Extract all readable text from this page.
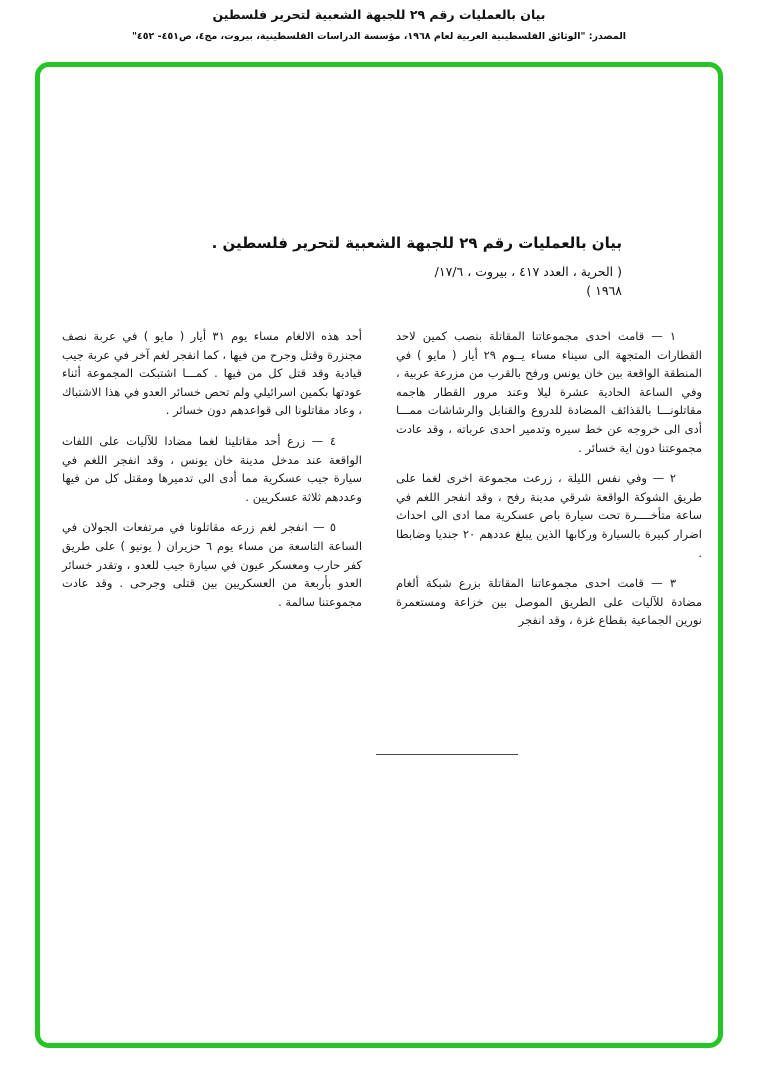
بيان بالعمليات رقم ٢٩ للجبهة الشعبية لتحرير فلسطين
المصدر: "الوثائق الفلسطينية العربية لعام ١٩٦٨، مؤسسة الدراسات الفلسطينية، بيروت، مج٤، ص٤٥١- ٤٥٢"
بيان بالعمليات رقم ٢٩ للجبهة الشعبية لتحرير فلسطين .
( الحرية ، العدد ٤١٧ ، بيروت ، ١٧/٦/
١٩٦٨ )

١ — قامت احدى مجموعاتنا المقاتلة بنصب كمين لاحد القطارات المتجهة الى سيناء مساء يــوم ٢٩ أيار ( مايو ) في المنطقة الواقعة بين خان يونس ورفح بالقرب من مزرعة عربية ، وفي الساعة الحادية عشرة ليلا وعند مرور القطار هاجمه مقاتلونـــا بالقذائف المضادة للدروع والقنابل والرشاشات ممـــا أدى الى خروجه عن خط سيره وتدمير احدى عرباته ، وقد عادت مجموعتنا دون اية خسائر .

٢ — وفي نفس الليلة ، زرعت مجموعة اخرى لغما على طريق الشوكة الواقعة شرقي مدينة رفح ، وقد انفجر اللغم في ساعة متأخــــرة تحت سيارة باص عسكرية مما ادى الى احداث اضرار كبيرة بالسيارة وركابها الذين يبلغ عددهم ٢٠ جنديا وضابطا .

٣ — قامت احدى مجموعاتنا المقاتلة بزرع شبكة ألغام مضادة للآليات على الطريق الموصل بين خزاعة ومستعمرة نورين الجماعية بقطاع غزة ، وقد انفجر

أحد هذه الالغام مساء يوم ٣١ أيار ( مايو ) في عربة نصف مجنزرة وقتل وجرح من فيها ، كما انفجر لغم آخر في عربة جيب قيادية وقد قتل كل من فيها . كمـــا اشتبكت المجموعة أثناء عودتها بكمين اسرائيلي ولم تحص خسائر العدو في هذا الاشتباك ، وعاد مقاتلونا الى قواعدهم دون خسائر .

٤ — زرع أحد مقاتلينا لغما مضادا للآليات على اللفات الواقعة عند مدخل مدينة خان يونس ، وقد انفجر اللغم في سيارة جيب عسكرية مما أدى الى تدميرها ومقتل كل من فيها وعددهم ثلاثة عسكريين .

٥ — انفجر لغم زرعه مقاتلونا في مرتفعات الجولان في الساعة التاسعة من مساء يوم ٦ حزيران ( يونيو ) على طريق كفر حارب ومعسكر عيون في سيارة جيب للعدو ، وتقدر خسائر العدو بأربعة من العسكريين بين قتلى وجرحى . وقد عادت مجموعتنا سالمة .
